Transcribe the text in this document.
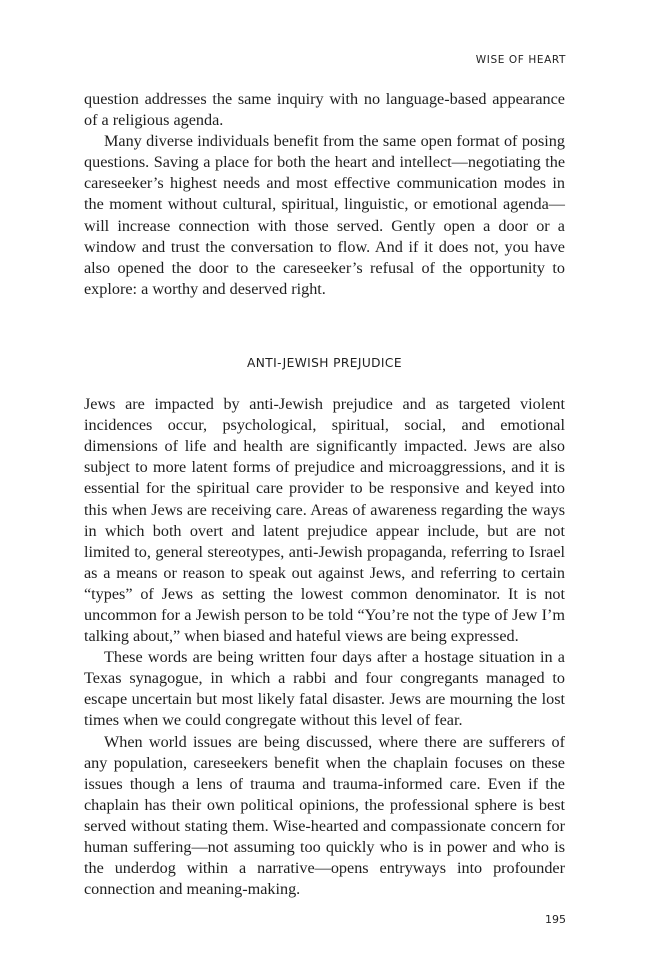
WISE OF HEART

question addresses the same inquiry with no language-based appearance of a religious agenda.

Many diverse individuals benefit from the same open format of posing questions. Saving a place for both the heart and intellect—negotiating the careseeker’s highest needs and most effective communication modes in the moment without cultural, spiritual, linguistic, or emotional agenda—will increase connection with those served. Gently open a door or a window and trust the conversation to flow. And if it does not, you have also opened the door to the careseeker’s refusal of the opportunity to explore: a worthy and deserved right.

ANTI-JEWISH PREJUDICE

Jews are impacted by anti-Jewish prejudice and as targeted violent incidences occur, psychological, spiritual, social, and emotional dimensions of life and health are significantly impacted. Jews are also subject to more latent forms of prejudice and microaggressions, and it is essential for the spiritual care provider to be responsive and keyed into this when Jews are receiving care. Areas of awareness regarding the ways in which both overt and latent prejudice appear include, but are not limited to, general stereotypes, anti-Jewish propaganda, referring to Israel as a means or reason to speak out against Jews, and referring to certain “types” of Jews as setting the lowest common denominator. It is not uncommon for a Jewish person to be told “You’re not the type of Jew I’m talking about,” when biased and hateful views are being expressed.

These words are being written four days after a hostage situation in a Texas synagogue, in which a rabbi and four congregants managed to escape uncertain but most likely fatal disaster. Jews are mourning the lost times when we could congregate without this level of fear.

When world issues are being discussed, where there are sufferers of any population, careseekers benefit when the chaplain focuses on these issues though a lens of trauma and trauma-informed care. Even if the chaplain has their own political opinions, the professional sphere is best served without stating them. Wise-hearted and compassionate concern for human suffering—not assuming too quickly who is in power and who is the underdog within a narrative—opens entryways into profounder connection and meaning-making.

195
